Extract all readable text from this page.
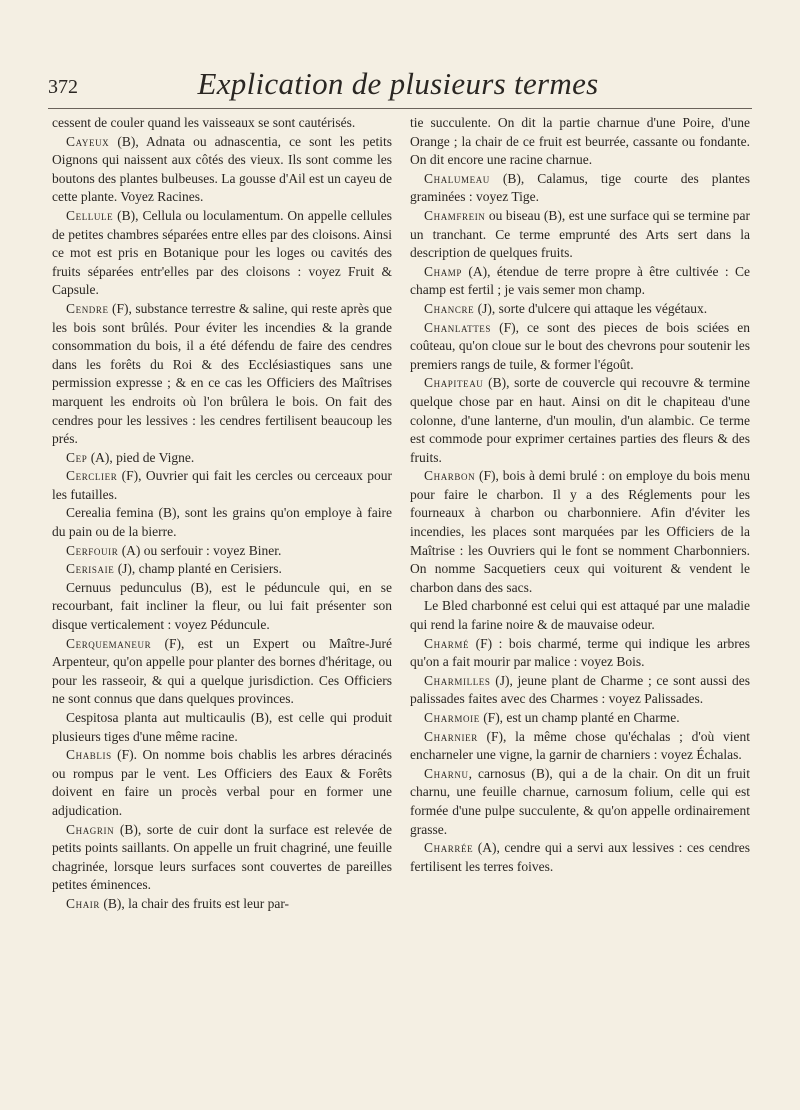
372	Explication de plusieurs termes

cessent de couler quand les vaisseaux se sont cautérisés.

Cayeux (B), Adnata ou adnascentia, ce sont les petits Oignons qui naissent aux côtés des vieux. Ils sont comme les boutons des plantes bulbeuses. La gousse d'Ail est un cayeu de cette plante. Voyez Racines.

Cellule (B), Cellula ou loculamentum. On appelle cellules de petites chambres séparées entre elles par des cloisons. Ainsi ce mot est pris en Botanique pour les loges ou cavités des fruits séparées entr'elles par des cloisons : voyez Fruit & Capsule.

Cendre (F), substance terrestre & saline, qui reste après que les bois sont brûlés. Pour éviter les incendies & la grande consommation du bois, il a été défendu de faire des cendres dans les forêts du Roi & des Ecclésiastiques sans une permission expresse ; & en ce cas les Officiers des Maîtrises marquent les endroits où l'on brûlera le bois. On fait des cendres pour les lessives : les cendres fertilisent beaucoup les prés.

Cep (A), pied de Vigne.

Cerclier (F), Ouvrier qui fait les cercles ou cerceaux pour les futailles.

Cerealia femina (B), sont les grains qu'on employe à faire du pain ou de la bierre.

Cerfouir (A) ou serfouir : voyez Biner.

Cerisaie (J), champ planté en Cerisiers.

Cernuus pedunculus (B), est le péduncule qui, en se recourbant, fait incliner la fleur, ou lui fait présenter son disque verticalement : voyez Péduncule.

Cerquemaneur (F), est un Expert ou Maître-Juré Arpenteur, qu'on appelle pour planter des bornes d'héritage, ou pour les rasseoir, & qui a quelque jurisdiction. Ces Officiers ne sont connus que dans quelques provinces.

Cespitosa planta aut multicaulis (B), est celle qui produit plusieurs tiges d'une même racine.

Chablis (F). On nomme bois chablis les arbres déracinés ou rompus par le vent. Les Officiers des Eaux & Forêts doivent en faire un procès verbal pour en former une adjudication.

Chagrin (B), sorte de cuir dont la surface est relevée de petits points saillants. On appelle un fruit chagriné, une feuille chagrinée, lorsque leurs surfaces sont couvertes de pareilles petites éminences.

Chair (B), la chair des fruits est leur par-

tie succulente. On dit la partie charnue d'une Poire, d'une Orange ; la chair de ce fruit est beurrée, cassante ou fondante. On dit encore une racine charnue.

Chalumeau (B), Calamus, tige courte des plantes graminées : voyez Tige.

Chamfrein ou biseau (B), est une surface qui se termine par un tranchant. Ce terme emprunté des Arts sert dans la description de quelques fruits.

Champ (A), étendue de terre propre à être cultivée : Ce champ est fertil ; je vais semer mon champ.

Chancre (J), sorte d'ulcere qui attaque les végétaux.

Chanlattes (F), ce sont des pieces de bois sciées en coûteau, qu'on cloue sur le bout des chevrons pour soutenir les premiers rangs de tuile, & former l'égoût.

Chapiteau (B), sorte de couvercle qui recouvre & termine quelque chose par en haut. Ainsi on dit le chapiteau d'une colonne, d'une lanterne, d'un moulin, d'un alambic. Ce terme est commode pour exprimer certaines parties des fleurs & des fruits.

Charbon (F), bois à demi brulé : on employe du bois menu pour faire le charbon. Il y a des Réglements pour les fourneaux à charbon ou charbonniere. Afin d'éviter les incendies, les places sont marquées par les Officiers de la Maîtrise : les Ouvriers qui le font se nomment Charbonniers. On nomme Sacquetiers ceux qui voiturent & vendent le charbon dans des sacs.

Le Bled charbonné est celui qui est attaqué par une maladie qui rend la farine noire & de mauvaise odeur.

Charmé (F) : bois charmé, terme qui indique les arbres qu'on a fait mourir par malice : voyez Bois.

Charmilles (J), jeune plant de Charme ; ce sont aussi des palissades faites avec des Charmes : voyez Palissades.

Charmoie (F), est un champ planté en Charme.

Charnier (F), la même chose qu'échalas ; d'où vient encharneler une vigne, la garnir de charniers : voyez Échalas.

Charnu, carnosus (B), qui a de la chair. On dit un fruit charnu, une feuille charnue, carnosum folium, celle qui est formée d'une pulpe succulente, & qu'on appelle ordinairement grasse.

Charrée (A), cendre qui a servi aux lessives : ces cendres fertilisent les terres foives.
